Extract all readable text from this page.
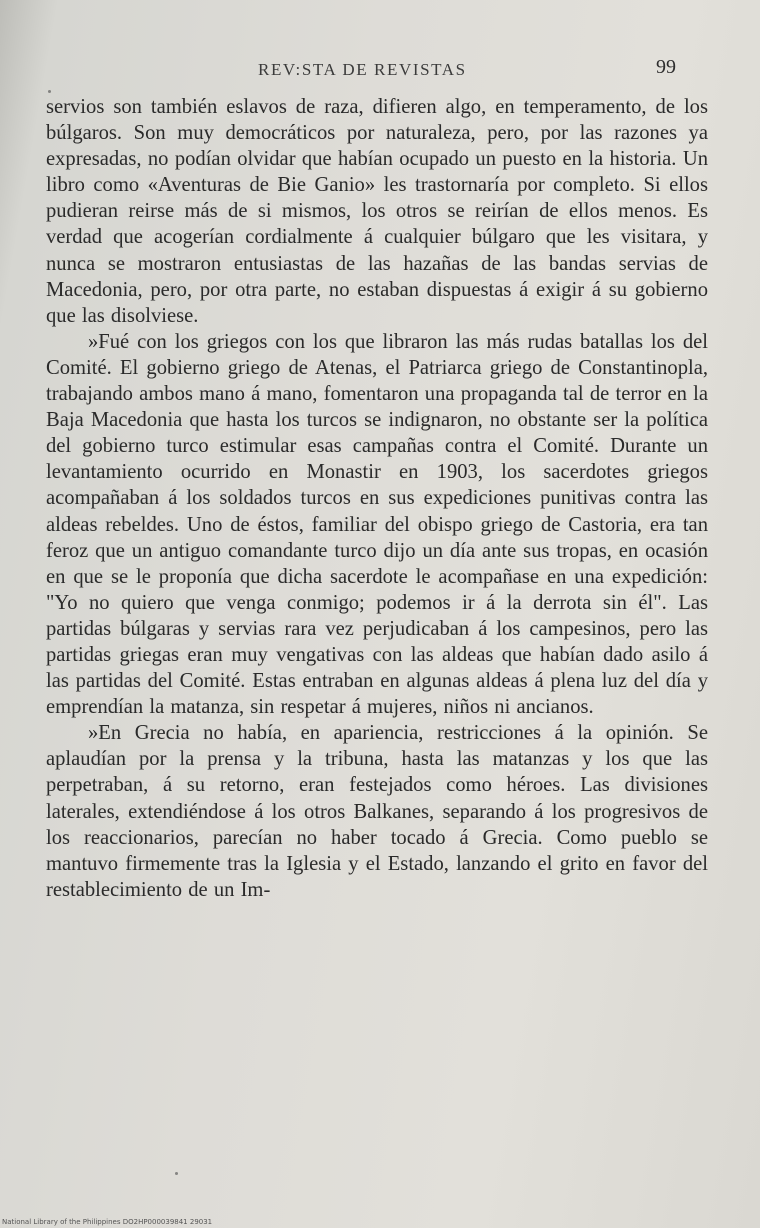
REV:STA DE REVISTAS	99

servios son también eslavos de raza, difieren algo, en temperamento, de los búlgaros. Son muy democráticos por naturaleza, pero, por las razones ya expresadas, no podían olvidar que habían ocupado un puesto en la historia. Un libro como «Aventuras de Bie Ganio» les trastornaría por completo. Si ellos pudieran reirse más de si mismos, los otros se reirían de ellos menos. Es verdad que acogerían cordialmente á cualquier búlgaro que les visitara, y nunca se mostraron entusiastas de las hazañas de las bandas servias de Macedonia, pero, por otra parte, no estaban dispuestas á exigir á su gobierno que las disolviese.

»Fué con los griegos con los que libraron las más rudas batallas los del Comité. El gobierno griego de Atenas, el Patriarca griego de Constantinopla, trabajando ambos mano á mano, fomentaron una propaganda tal de terror en la Baja Macedonia que hasta los turcos se indignaron, no obstante ser la política del gobierno turco estimular esas campañas contra el Comité. Durante un levantamiento ocurrido en Monastir en 1903, los sacerdotes griegos acompañaban á los soldados turcos en sus expediciones punitivas contra las aldeas rebeldes. Uno de éstos, familiar del obispo griego de Castoria, era tan feroz que un antiguo comandante turco dijo un día ante sus tropas, en ocasión en que se le proponía que dicha sacerdote le acompañase en una expedición: "Yo no quiero que venga conmigo; podemos ir á la derrota sin él". Las partidas búlgaras y servias rara vez perjudicaban á los campesinos, pero las partidas griegas eran muy vengativas con las aldeas que habían dado asilo á las partidas del Comité. Estas entraban en algunas aldeas á plena luz del día y emprendían la matanza, sin respetar á mujeres, niños ni ancianos.

»En Grecia no había, en apariencia, restricciones á la opinión. Se aplaudían por la prensa y la tribuna, hasta las matanzas y los que las perpetraban, á su retorno, eran festejados como héroes. Las divisiones laterales, extendiéndose á los otros Balkanes, separando á los progresivos de los reaccionarios, parecían no haber tocado á Grecia. Como pueblo se mantuvo firmemente tras la Iglesia y el Estado, lanzando el grito en favor del restablecimiento de un Im-

National Library of the Philippines DO2HP000039841 29031
